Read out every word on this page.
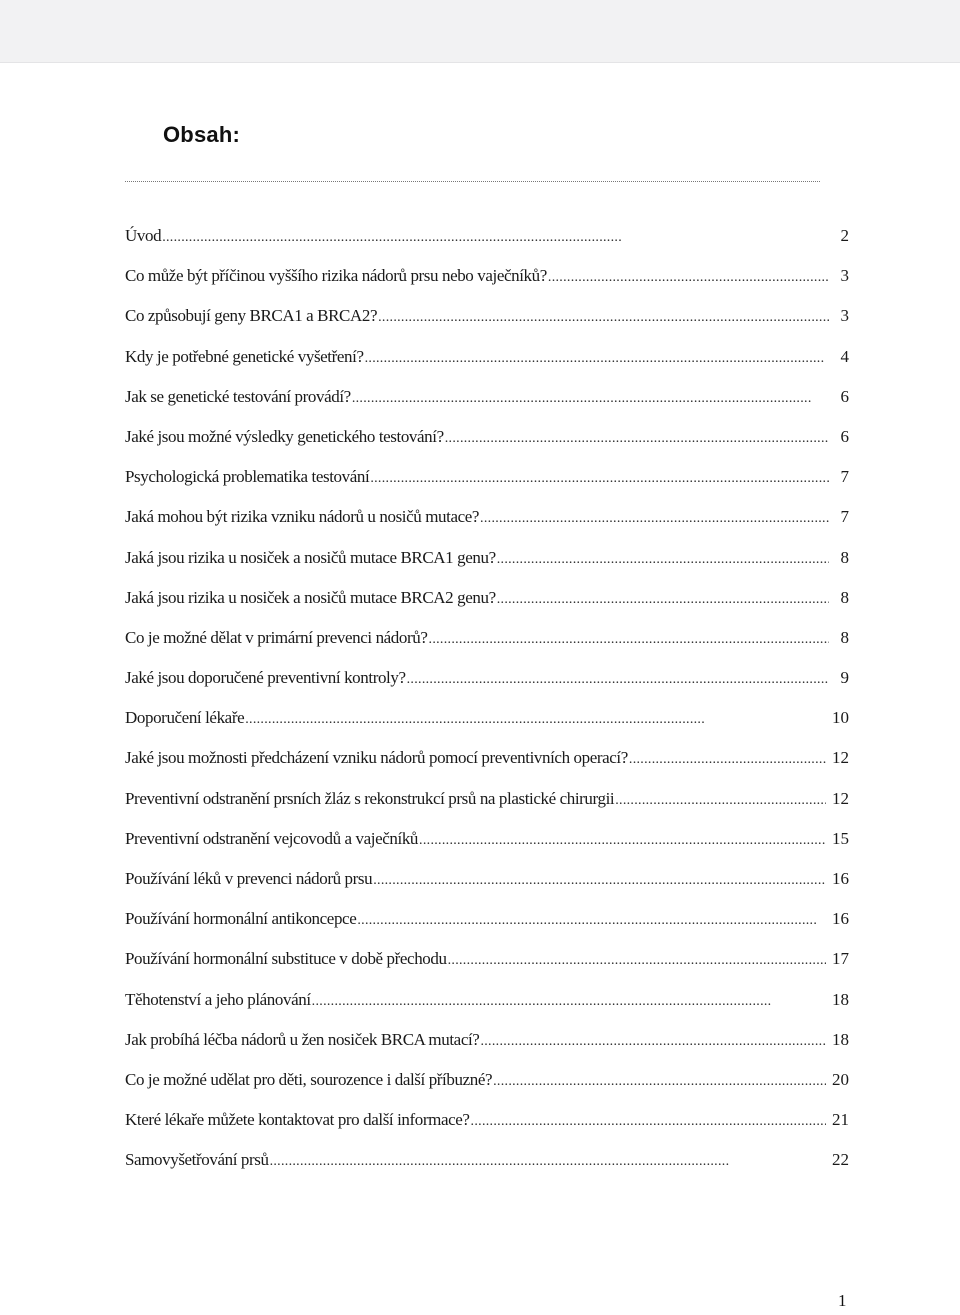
Obsah:
Úvod . . .	2
Co může být příčinou vyššího rizika nádorů prsu nebo vaječníků? . . .	3
Co způsobují geny BRCA1 a BRCA2? . . .	3
Kdy je potřebné genetické vyšetření? . . .	4
Jak se genetické testování provádí? . . .	6
Jaké jsou možné výsledky genetického testování? . . .	6
Psychologická problematika testování . . .	7
Jaká mohou být rizika vzniku nádorů u nosičů mutace? . . .	7
Jaká jsou rizika u nosiček a nosičů mutace BRCA1 genu? . . .	8
Jaká jsou rizika u nosiček a nosičů mutace BRCA2 genu? . . .	8
Co je možné dělat v primární prevenci nádorů? . . .	8
Jaké jsou doporučené preventivní kontroly? . . .	9
Doporučení lékaře . . .	10
Jaké jsou možnosti předcházení vzniku nádorů pomocí preventivních operací? . . .	12
Preventivní odstranění prsních žláz s rekonstrukcí prsů na plastické chirurgii . . .	12
Preventivní odstranění vejcovodů a vaječníků . . .	15
Používání léků v prevenci nádorů prsu . . .	16
Používání hormonální antikoncepce . . .	16
Používání hormonální substituce v době přechodu . . .	17
Těhotenství a jeho plánování . . .	18
Jak probíhá léčba nádorů u žen nosiček BRCA mutací? . . .	18
Co je možné udělat pro děti, sourozence i další příbuzné? . . .	20
Které lékaře můžete kontaktovat pro další informace? . . .	21
Samovyšetřování prsů . . .	22
1
